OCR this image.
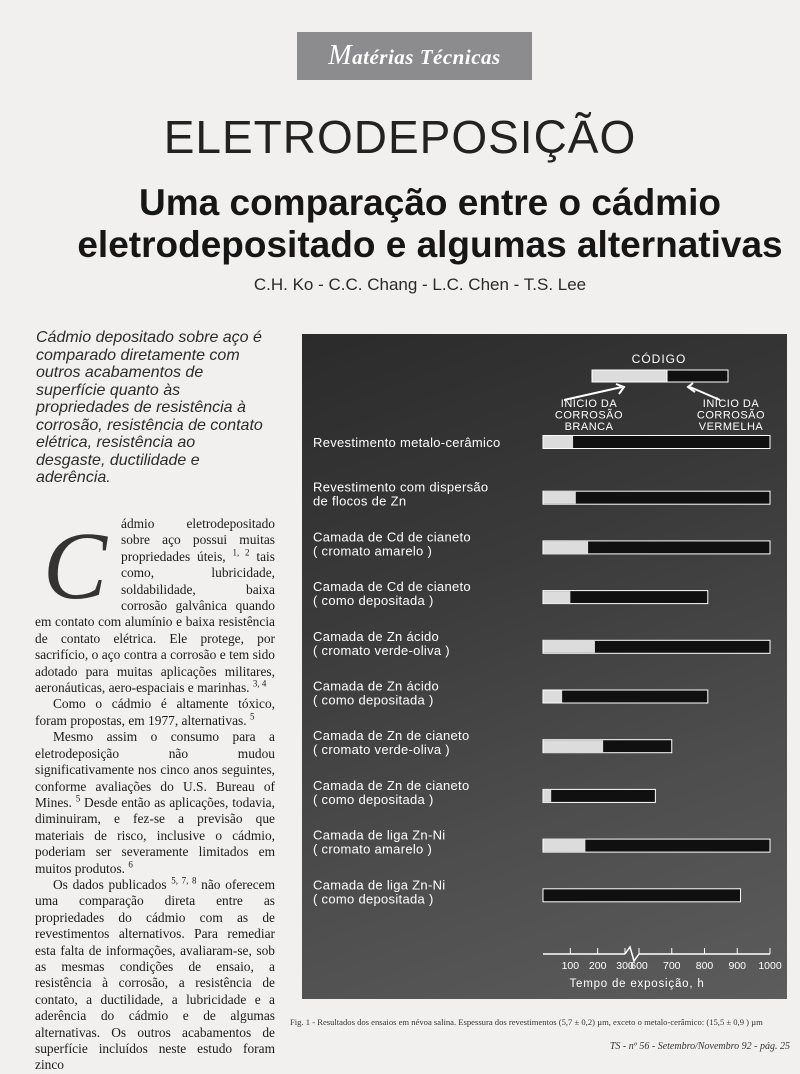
Matérias Técnicas
ELETRODEPOSIÇÃO
Uma comparação entre o cádmio
eletrodepositado e algumas alternativas
C.H. Ko - C.C. Chang - L.C. Chen - T.S. Lee
Cádmio depositado sobre aço é comparado diretamente com outros acabamentos de superfície quanto às propriedades de resistência à corrosão, resistência de contato elétrica, resistência ao desgaste, ductilidade e aderência.

C	ádmio eletrodepositado sobre aço possui muitas propriedades úteis, $^{1, 2}$ tais como, lubricidade, soldabilidade, baixa corrosão galvânica quando em contato com alumínio e baixa resistência de contato elétrica. Ele protege, por sacrifício, o aço contra a corrosão e tem sido adotado para muitas aplicações militares, aeronáuticas, aero-espaciais e marinhas. $^{3, 4}$

Como o cádmio é altamente tóxico, foram propostas, em 1977, alternativas. $^5$

Mesmo assim o consumo para a eletrodeposição não mudou significativamente nos cinco anos seguintes, conforme avaliações do U.S. Bureau of Mines. $^5$ Desde então as aplicações, todavia, diminuiram, e fez-se a previsão que materiais de risco, inclusive o cádmio, poderiam ser severamente limitados em muitos produtos. $^6$

Os dados publicados $^{5, 7, 8}$ não oferecem uma comparação direta entre as propriedades do cádmio com as de revestimentos alternativos. Para remediar esta falta de informações, avaliaram-se, sob as mesmas condições de ensaio, a resistência à corrosão, a resistência de contato, a ductilidade, a lubricidade e a aderência do cádmio e de algumas alternativas. Os outros acabamentos de superfície incluídos neste estudo foram zinco

CÓDIGO
INÍCIO DA
CORROSÃO
BRANCA
INÍCIO DA
CORROSÃO
VERMELHA
Revestimento metalo-cerâmico
Revestimento com dispersão
de flocos de Zn
Camada de Cd de cianeto
( cromato amarelo )
Camada de Cd de cianeto
( como depositada )
Camada de Zn ácido
( cromato verde-oliva )
Camada de Zn ácido
( como depositada )
Camada de Zn de cianeto
( cromato verde-oliva )
Camada de Zn de cianeto
( como depositada )
Camada de liga Zn-Ni
( cromato amarelo )
Camada de liga Zn-Ni
( como depositada )
100 200 300
600 700 800 900 1000
Tempo de exposição, h
Fig. 1 - Resultados dos ensaios em névoa salina. Espessura dos revestimentos (5,7 ± 0,2) µm, exceto o metalo-cerâmico: (15,5 ± 0,9 ) µm
TS - nº 56 - Setembro/Novembro 92 - pág. 25
